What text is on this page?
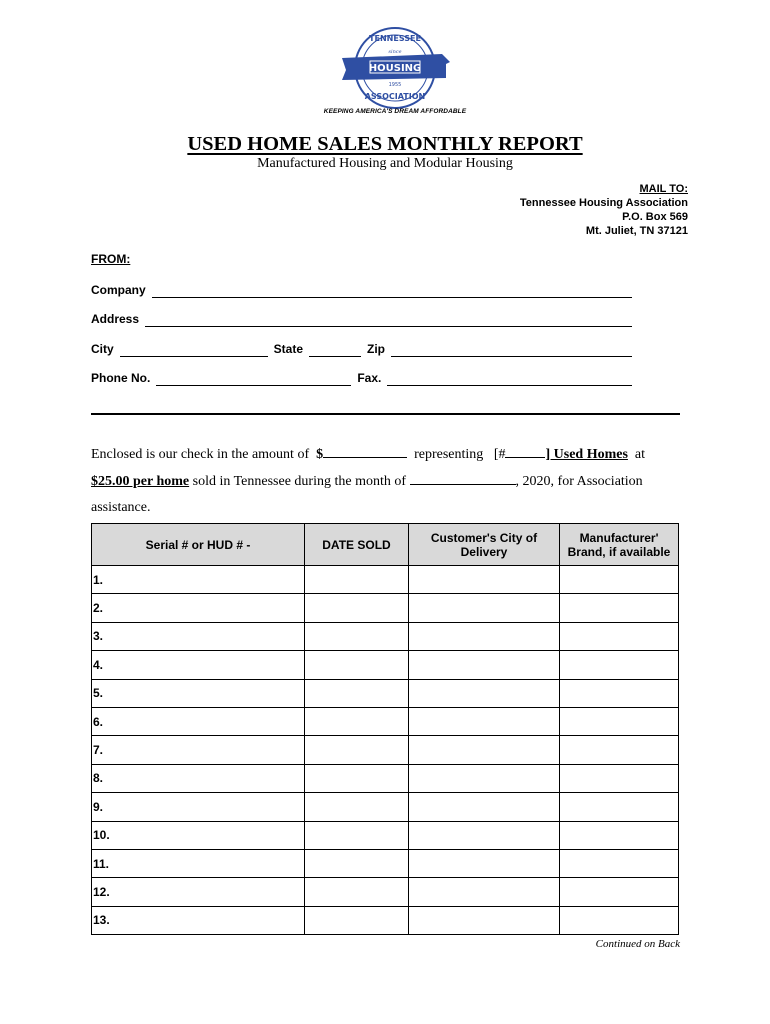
TENNESSEE
since
HOUSING
1955
ASSOCIATION
KEEPING AMERICA'S DREAM AFFORDABLE
USED HOME SALES MONTHLY REPORT
Manufactured Housing and Modular Housing
MAIL TO:
Tennessee Housing Association
P.O. Box 569
Mt. Juliet, TN 37121
FROM:
Company
Address
City	State	Zip
Phone No.	Fax.
Enclosed is our check in the amount of $	representing [#	] Used Homes at
$25.00 per home sold in Tennessee during the month of	, 2020, for Association
assistance.
Serial # or HUD # -	DATE SOLD	Customer's City of Delivery	Manufacturer' Brand, if available
1.			
2.			
3.			
4.			
5.			
6.			
7.			
8.			
9.			
10.			
11.			
12.			
13.			
Continued on Back
